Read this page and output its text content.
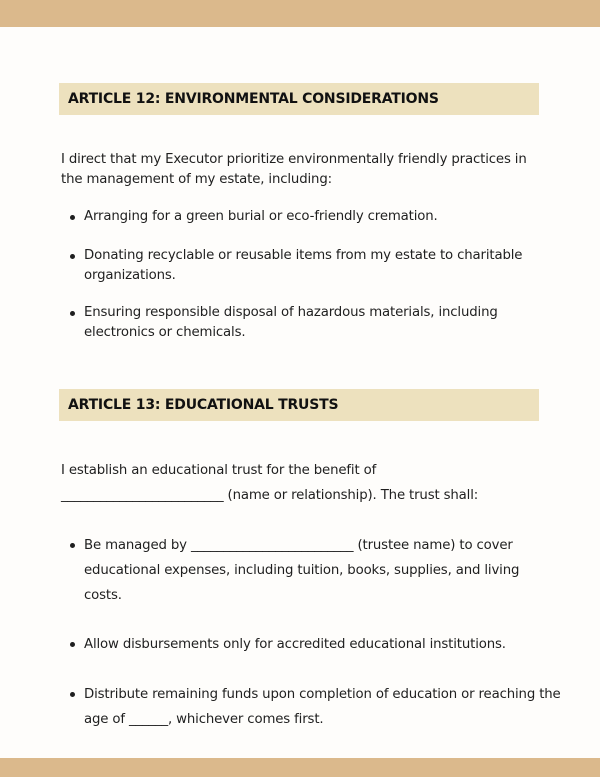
ARTICLE 12: ENVIRONMENTAL CONSIDERATIONS

I direct that my Executor prioritize environmentally friendly practices in the management of my estate, including:

Arranging for a green burial or eco-friendly cremation.
Donating recyclable or reusable items from my estate to charitable organizations.
Ensuring responsible disposal of hazardous materials, including electronics or chemicals.
ARTICLE 13: EDUCATIONAL TRUSTS

I establish an educational trust for the benefit of _________________________ (name or relationship). The trust shall:

Be managed by _________________________ (trustee name) to cover educational expenses, including tuition, books, supplies, and living costs.
Allow disbursements only for accredited educational institutions.
Distribute remaining funds upon completion of education or reaching the age of ______, whichever comes first.
